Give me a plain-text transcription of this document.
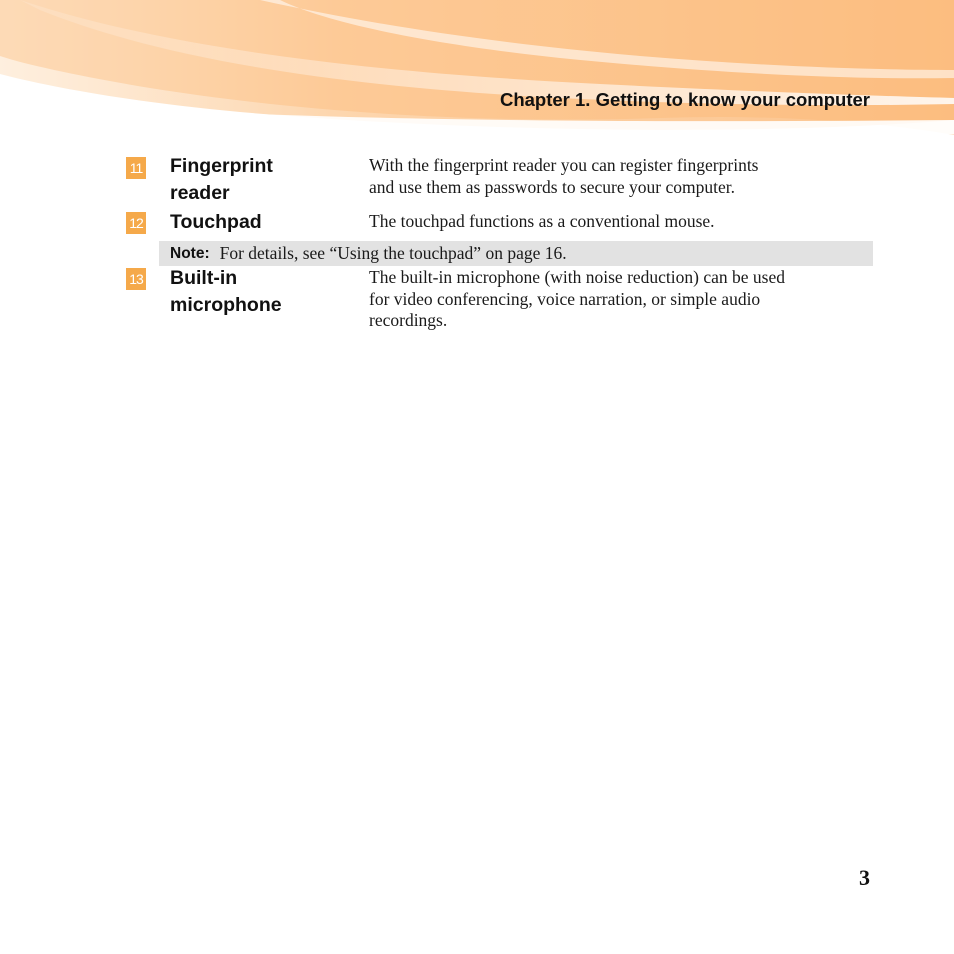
Chapter 1. Getting to know your computer
11 Fingerprint
reader
With the fingerprint reader you can register fingerprints
and use them as passwords to secure your computer.
12 Touchpad	The touchpad functions as a conventional mouse.
Note: For details, see “Using the touchpad” on page 16.
13 Built-in
microphone
The built-in microphone (with noise reduction) can be used
for video conferencing, voice narration, or simple audio
recordings.
3
